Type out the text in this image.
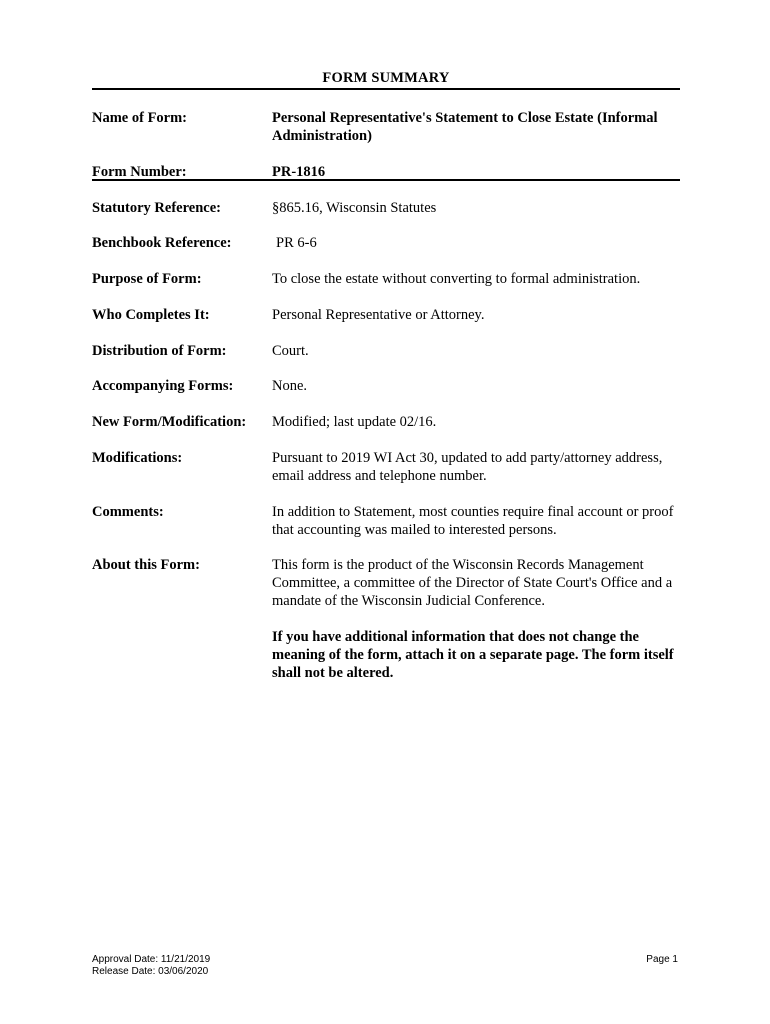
FORM SUMMARY
Name of Form:	Personal Representative's Statement to Close Estate (Informal Administration)
Form Number:	PR-1816
Statutory Reference:	§865.16, Wisconsin Statutes
Benchbook Reference:	PR 6-6
Purpose of Form:	To close the estate without converting to formal administration.
Who Completes It:	Personal Representative or Attorney.
Distribution of Form:	Court.
Accompanying Forms:	None.
New Form/Modification: Modified; last update 02/16.
Modifications:	Pursuant to 2019 WI Act 30, updated to add party/attorney address, email address and telephone number.
Comments:	In addition to Statement, most counties require final account or proof that accounting was mailed to interested persons.
About this Form:	This form is the product of the Wisconsin Records Management Committee, a committee of the Director of State Court's Office and a mandate of the Wisconsin Judicial Conference.
If you have additional information that does not change the meaning of the form, attach it on a separate page. The form itself shall not be altered.
Approval Date: 11/21/2019
Release Date: 03/06/2020
Page 1
